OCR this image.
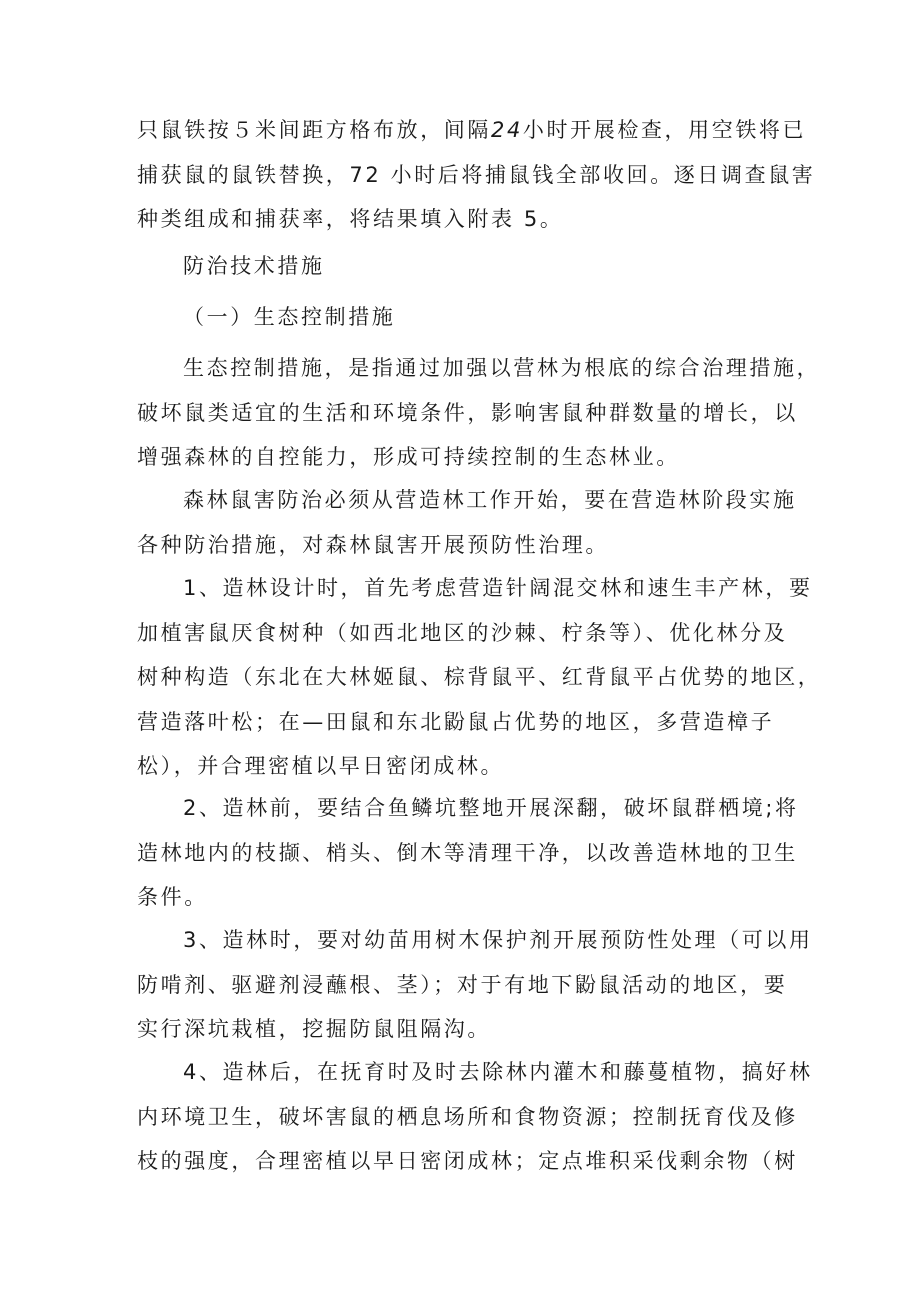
只鼠铁按５米间距方格布放，间隔24小时开展检查，用空铁将已
捕获鼠的鼠铁替换，72 小时后将捕鼠钱全部收回。逐日调查鼠害
种类组成和捕获率，将结果填入附表 5。
防治技术措施
（一）生态控制措施
生态控制措施，是指通过加强以营林为根底的综合治理措施，
破坏鼠类适宜的生活和环境条件，影响害鼠种群数量的增长，以
增强森林的自控能力，形成可持续控制的生态林业。
森林鼠害防治必须从营造林工作开始，要在营造林阶段实施
各种防治措施，对森林鼠害开展预防性治理。
1、造林设计时，首先考虑营造针阔混交林和速生丰产林，要
加植害鼠厌食树种（如西北地区的沙棘、柠条等）、优化林分及
树种构造（东北在大林姬鼠、棕背鼠平、红背鼠平占优势的地区，
营造落叶松；在—田鼠和东北鼢鼠占优势的地区，多营造樟子
松），并合理密植以早日密闭成林。
2、造林前，要结合鱼鳞坑整地开展深翻，破坏鼠群栖境;将
造林地内的枝撷、梢头、倒木等清理干净，以改善造林地的卫生
条件。
3、造林时，要对幼苗用树木保护剂开展预防性处理（可以用
防啃剂、驱避剂浸蘸根、茎）；对于有地下鼢鼠活动的地区，要
实行深坑栽植，挖掘防鼠阻隔沟。
4、造林后，在抚育时及时去除林内灌木和藤蔓植物，搞好林
内环境卫生，破坏害鼠的栖息场所和食物资源；控制抚育伐及修
枝的强度，合理密植以早日密闭成林；定点堆积采伐剩余物（树
